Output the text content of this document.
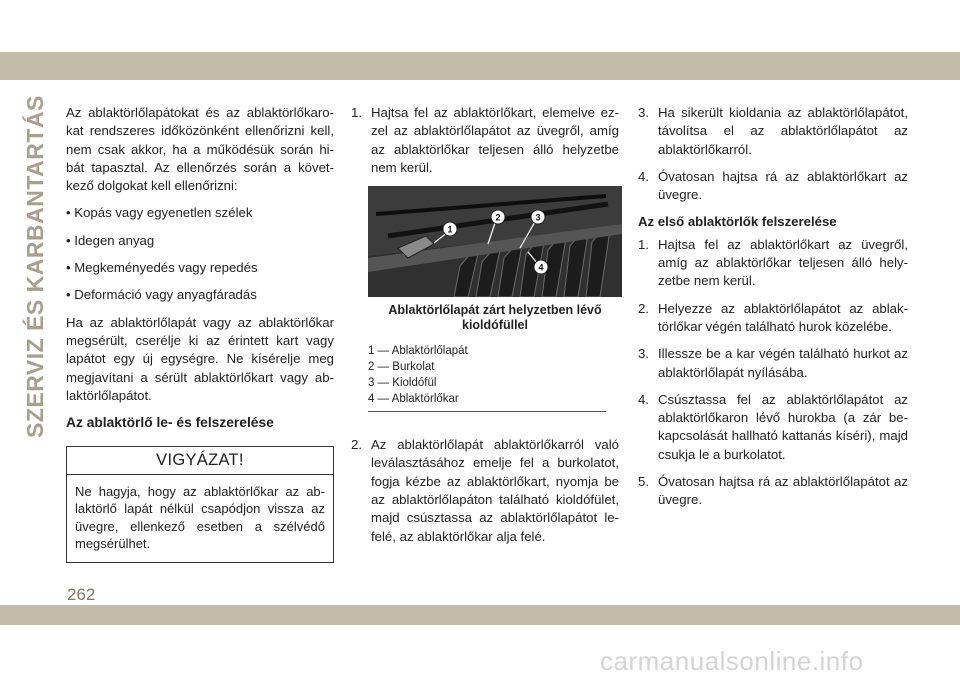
SZERVIZ ÉS KARBANTARTÁS Az ablaktörlőlapátokat és az ablaktörlőkaro-kat rendszeres időközönként ellenőrizni kell, nem csak akkor, ha a működésük során hi-bát tapasztal. Az ellenőrzés során a követ-kező dolgokat kell ellenőrizni:

• Kopás vagy egyenetlen szélek
• Idegen anyag
• Megkeményedés vagy repedés
• Deformáció vagy anyagfáradás

Ha az ablaktörlőlapát vagy az ablaktörlőkar megsérült, cserélje ki az érintett kart vagy lapátot egy új egységre. Ne kísérelje meg megjavítani a sérült ablaktörlőkart vagy ab-laktörlőlapátot.

Az ablaktörlő le- és felszerelése
VIGYÁZAT!
Ne hagyja, hogy az ablaktörlőkar az ab-laktörlő lapát nélkül csapódjon vissza az üvegre, ellenkező esetben a szélvédő megsérülhet.
1. Hajtsa fel az ablaktörlőkart, elemelve ez-zel az ablaktörlőlapátot az üvegről, amíg az ablaktörlőkar teljesen álló helyzetbe nem kerül.
1
2	3
4
Ablaktörlőlapát zárt helyzetben lévő kioldófüllel
1 — Ablaktörlőlapát
2 — Burkolat
3 — Kioldófül
4 — Ablaktörlőkar
2. Az ablaktörlőlapát ablaktörlőkarról való leválasztásához emelje fel a burkolatot, fogja kézbe az ablaktörlőkart, nyomja be az ablaktörlőlapáton található kioldófület, majd csúsztassa az ablaktörlőlapátot le-felé, az ablaktörlőkar alja felé.
3. Ha sikerült kioldania az ablaktörlőlapátot, távolítsa el az ablaktörlőlapátot az ablaktörlőkarról.
4. Óvatosan hajtsa rá az ablaktörlőkart az üvegre.
Az első ablaktörlők felszerelése
1. Hajtsa fel az ablaktörlőkart az üvegről, amíg az ablaktörlőkar teljesen álló hely-zetbe nem kerül.
2. Helyezze az ablaktörlőlapátot az ablak-törlőkar végén található hurok közelébe.
3. Illessze be a kar végén található hurkot az ablaktörlőlapát nyílásába.
4. Csúsztassa fel az ablaktörlőlapátot az ablaktörlőkaron lévő hurokba (a zár be-kapcsolását hallható kattanás kíséri), majd csukja le a burkolatot.
5. Óvatosan hajtsa rá az ablaktörlőlapátot az üvegre.
262
carmanualsonline.info
